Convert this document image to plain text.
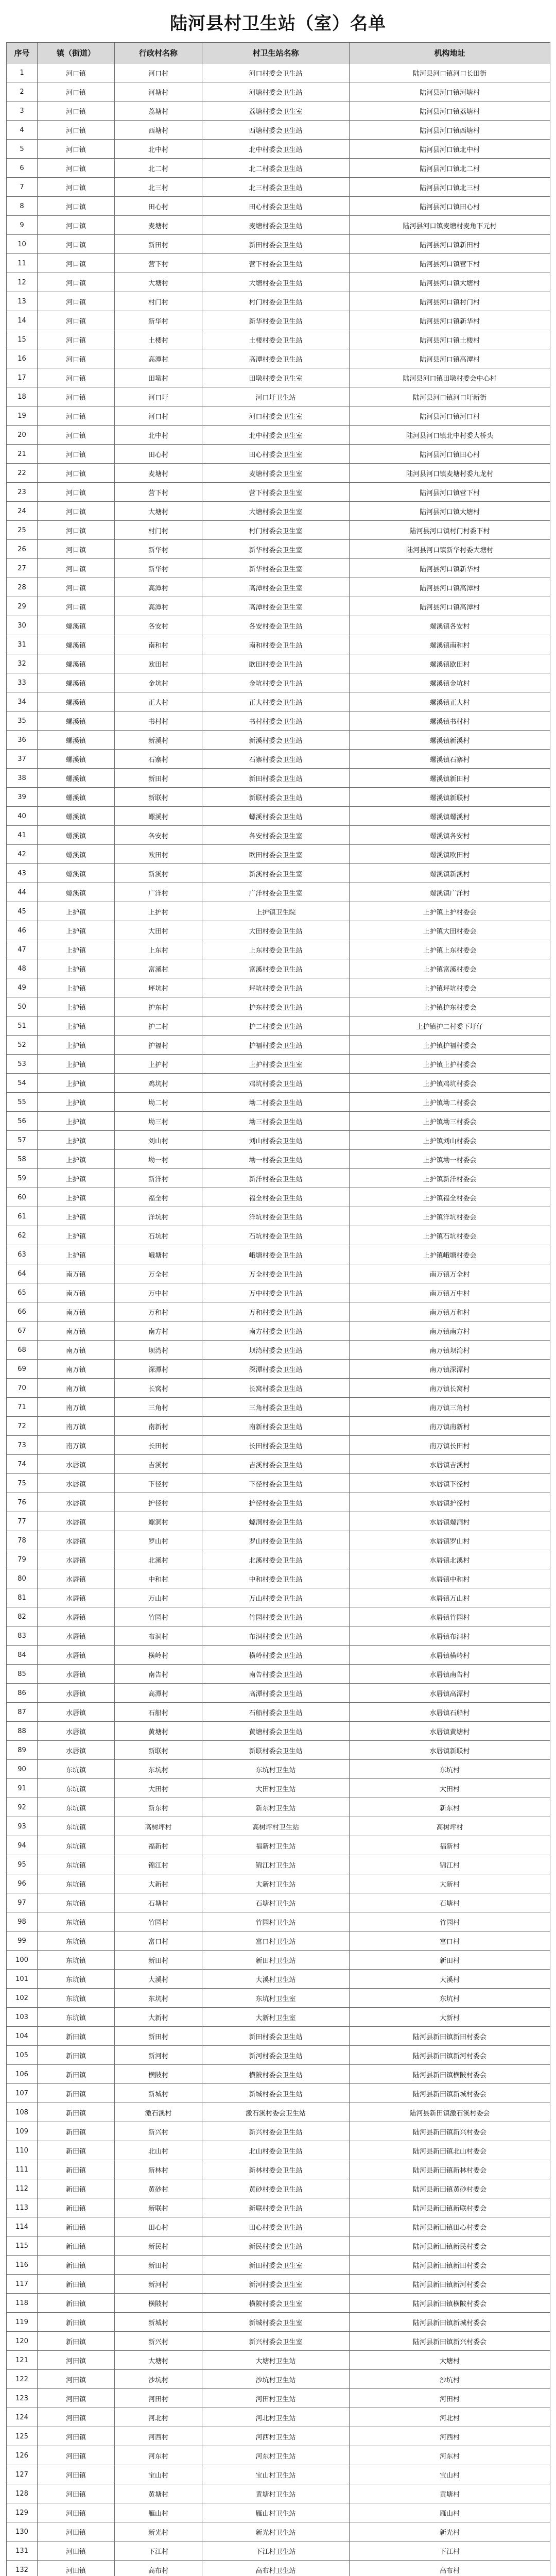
陆河县村卫生站（室）名单
序号	镇（街道）	行政村名称	村卫生站名称	机构地址
1	河口镇	河口村	河口村委会卫生站	陆河县河口镇河口长田街
2	河口镇	河塘村	河塘村委会卫生站	陆河县河口镇河塘村
3	河口镇	荔塘村	荔塘村委会卫生室	陆河县河口镇荔塘村
4	河口镇	西塘村	西塘村委会卫生站	陆河县河口镇西塘村
5	河口镇	北中村	北中村委会卫生站	陆河县河口镇北中村
6	河口镇	北二村	北二村委会卫生站	陆河县河口镇北二村
7	河口镇	北三村	北三村委会卫生站	陆河县河口镇北三村
8	河口镇	田心村	田心村委会卫生站	陆河县河口镇田心村
9	河口镇	麦塘村	麦塘村委会卫生站	陆河县河口镇麦塘村麦角下元村
10	河口镇	新田村	新田村委会卫生站	陆河县河口镇新田村
11	河口镇	营下村	营下村委会卫生站	陆河县河口镇营下村
12	河口镇	大塘村	大塘村委会卫生站	陆河县河口镇大塘村
13	河口镇	村门村	村门村委会卫生站	陆河县河口镇村门村
14	河口镇	新华村	新华村委会卫生站	陆河县河口镇新华村
15	河口镇	土楼村	土楼村委会卫生站	陆河县河口镇土楼村
16	河口镇	高潭村	高潭村委会卫生站	陆河县河口镇高潭村
17	河口镇	田墩村	田墩村委会卫生室	陆河县河口镇田墩村委会中心村
18	河口镇	河口圩	河口圩卫生站	陆河县河口镇河口圩新街
19	河口镇	河口村	河口村委会卫生室	陆河县河口镇河口村
20	河口镇	北中村	北中村委会卫生室	陆河县河口镇北中村委大桥头
21	河口镇	田心村	田心村委会卫生室	陆河县河口镇田心村
22	河口镇	麦塘村	麦塘村委会卫生室	陆河县河口镇麦塘村委九龙村
23	河口镇	营下村	营下村委会卫生室	陆河县河口镇营下村
24	河口镇	大塘村	大塘村委会卫生室	陆河县河口镇大塘村
25	河口镇	村门村	村门村委会卫生室	陆河县河口镇村门村委下村
26	河口镇	新华村	新华村委会卫生室	陆河县河口镇新华村委大塘村
27	河口镇	新华村	新华村委会卫生室	陆河县河口镇新华村
28	河口镇	高潭村	高潭村委会卫生室	陆河县河口镇高潭村
29	河口镇	高潭村	高潭村委会卫生室	陆河县河口镇高潭村
30	螺溪镇	各安村	各安村委会卫生站	螺溪镇各安村
31	螺溪镇	南和村	南和村委会卫生站	螺溪镇南和村
32	螺溪镇	欧田村	欧田村委会卫生站	螺溪镇欧田村
33	螺溪镇	金坑村	金坑村委会卫生站	螺溪镇金坑村
34	螺溪镇	正大村	正大村委会卫生站	螺溪镇正大村
35	螺溪镇	书村村	书村村委会卫生站	螺溪镇书村村
36	螺溪镇	新溪村	新溪村委会卫生站	螺溪镇新溪村
37	螺溪镇	石寨村	石寨村委会卫生站	螺溪镇石寨村
38	螺溪镇	新田村	新田村委会卫生站	螺溪镇新田村
39	螺溪镇	新联村	新联村委会卫生站	螺溪镇新联村
40	螺溪镇	螺溪村	螺溪村委会卫生站	螺溪镇螺溪村
41	螺溪镇	各安村	各安村委会卫生室	螺溪镇各安村
42	螺溪镇	欧田村	欧田村委会卫生室	螺溪镇欧田村
43	螺溪镇	新溪村	新溪村委会卫生室	螺溪镇新溪村
44	螺溪镇	广洋村	广洋村委会卫生室	螺溪镇广洋村
45	上护镇	上护村	上护镇卫生院	上护镇上护村委会
46	上护镇	大田村	大田村委会卫生站	上护镇大田村委会
47	上护镇	上东村	上东村委会卫生站	上护镇上东村委会
48	上护镇	富溪村	富溪村委会卫生站	上护镇富溪村委会
49	上护镇	坪坑村	坪坑村委会卫生站	上护镇坪坑村委会
50	上护镇	护东村	护东村委会卫生站	上护镇护东村委会
51	上护镇	护二村	护二村委会卫生站	上护镇护二村委下圩仔
52	上护镇	护福村	护福村委会卫生站	上护镇护福村委会
53	上护镇	上护村	上护村委会卫生室	上护镇上护村委会
54	上护镇	鸡坑村	鸡坑村委会卫生站	上护镇鸡坑村委会
55	上护镇	坳二村	坳二村委会卫生站	上护镇坳二村委会
56	上护镇	坳三村	坳三村委会卫生站	上护镇坳三村委会
57	上护镇	刘山村	刘山村委会卫生站	上护镇刘山村委会
58	上护镇	坳一村	坳一村委会卫生站	上护镇坳一村委会
59	上护镇	新洋村	新洋村委会卫生站	上护镇新洋村委会
60	上护镇	福全村	福全村委会卫生站	上护镇福全村委会
61	上护镇	洋坑村	洋坑村委会卫生站	上护镇洋坑村委会
62	上护镇	石坑村	石坑村委会卫生站	上护镇石坑村委会
63	上护镇	峨塘村	峨塘村委会卫生站	上护镇峨塘村委会
64	南万镇	万全村	万全村委会卫生站	南万镇万全村
65	南万镇	万中村	万中村委会卫生站	南万镇万中村
66	南万镇	万和村	万和村委会卫生站	南万镇万和村
67	南万镇	南方村	南方村委会卫生站	南万镇南方村
68	南万镇	坝湾村	坝湾村委会卫生站	南万镇坝湾村
69	南万镇	深潭村	深潭村委会卫生站	南万镇深潭村
70	南万镇	长窝村	长窝村委会卫生站	南万镇长窝村
71	南万镇	三角村	三角村委会卫生站	南万镇三角村
72	南万镇	南新村	南新村委会卫生站	南万镇南新村
73	南万镇	长田村	长田村委会卫生站	南万镇长田村
74	水唇镇	吉溪村	吉溪村委会卫生站	水唇镇吉溪村
75	水唇镇	下径村	下径村委会卫生站	水唇镇下径村
76	水唇镇	护径村	护径村委会卫生站	水唇镇护径村
77	水唇镇	螺洞村	螺洞村委会卫生站	水唇镇螺洞村
78	水唇镇	罗山村	罗山村委会卫生站	水唇镇罗山村
79	水唇镇	北溪村	北溪村委会卫生站	水唇镇北溪村
80	水唇镇	中和村	中和村委会卫生站	水唇镇中和村
81	水唇镇	万山村	万山村委会卫生站	水唇镇万山村
82	水唇镇	竹园村	竹园村委会卫生站	水唇镇竹园村
83	水唇镇	布洞村	布洞村委会卫生站	水唇镇布洞村
84	水唇镇	横岭村	横岭村委会卫生站	水唇镇横岭村
85	水唇镇	南告村	南告村委会卫生站	水唇镇南告村
86	水唇镇	高潭村	高潭村委会卫生站	水唇镇高潭村
87	水唇镇	石船村	石船村委会卫生站	水唇镇石船村
88	水唇镇	黄塘村	黄塘村委会卫生站	水唇镇黄塘村
89	水唇镇	新联村	新联村委会卫生站	水唇镇新联村
90	东坑镇	东坑村	东坑村卫生站	东坑村
91	东坑镇	大田村	大田村卫生站	大田村
92	东坑镇	新东村	新东村卫生站	新东村
93	东坑镇	高树坪村	高树坪村卫生站	高树坪村
94	东坑镇	福新村	福新村卫生站	福新村
95	东坑镇	锦江村	锦江村卫生站	锦江村
96	东坑镇	大新村	大新村卫生站	大新村
97	东坑镇	石塘村	石塘村卫生站	石塘村
98	东坑镇	竹园村	竹园村卫生站	竹园村
99	东坑镇	富口村	富口村卫生站	富口村
100	东坑镇	新田村	新田村卫生站	新田村
101	东坑镇	大溪村	大溪村卫生站	大溪村
102	东坑镇	东坑村	东坑村卫生室	东坑村
103	东坑镇	大新村	大新村卫生室	大新村
104	新田镇	新田村	新田村委会卫生站	陆河县新田镇新田村委会
105	新田镇	新河村	新河村委会卫生站	陆河县新田镇新河村委会
106	新田镇	横陂村	横陂村委会卫生站	陆河县新田镇横陂村委会
107	新田镇	新城村	新城村委会卫生站	陆河县新田镇新城村委会
108	新田镇	激石溪村	激石溪村委会卫生站	陆河县新田镇激石溪村委会
109	新田镇	新兴村	新兴村委会卫生站	陆河县新田镇新兴村委会
110	新田镇	北山村	北山村委会卫生站	陆河县新田镇北山村委会
111	新田镇	新林村	新林村委会卫生站	陆河县新田镇新林村委会
112	新田镇	黄砂村	黄砂村委会卫生站	陆河县新田镇黄砂村委会
113	新田镇	新联村	新联村委会卫生站	陆河县新田镇新联村委会
114	新田镇	田心村	田心村委会卫生站	陆河县新田镇田心村委会
115	新田镇	新民村	新民村委会卫生站	陆河县新田镇新民村委会
116	新田镇	新田村	新田村委会卫生室	陆河县新田镇新田村委会
117	新田镇	新河村	新河村委会卫生室	陆河县新田镇新河村委会
118	新田镇	横陂村	横陂村委会卫生室	陆河县新田镇横陂村委会
119	新田镇	新城村	新城村委会卫生室	陆河县新田镇新城村委会
120	新田镇	新兴村	新兴村委会卫生室	陆河县新田镇新兴村委会
121	河田镇	大塘村	大塘村卫生站	大塘村
122	河田镇	沙坑村	沙坑村卫生站	沙坑村
123	河田镇	河田村	河田村卫生站	河田村
124	河田镇	河北村	河北村卫生站	河北村
125	河田镇	河西村	河西村卫生站	河西村
126	河田镇	河东村	河东村卫生站	河东村
127	河田镇	宝山村	宝山村卫生站	宝山村
128	河田镇	黄塘村	黄塘村卫生站	黄塘村
129	河田镇	雁山村	雁山村卫生站	雁山村
130	河田镇	新光村	新光村卫生站	新光村
131	河田镇	下江村	下江村卫生站	下江村
132	河田镇	高布村	高布村卫生站	高布村
